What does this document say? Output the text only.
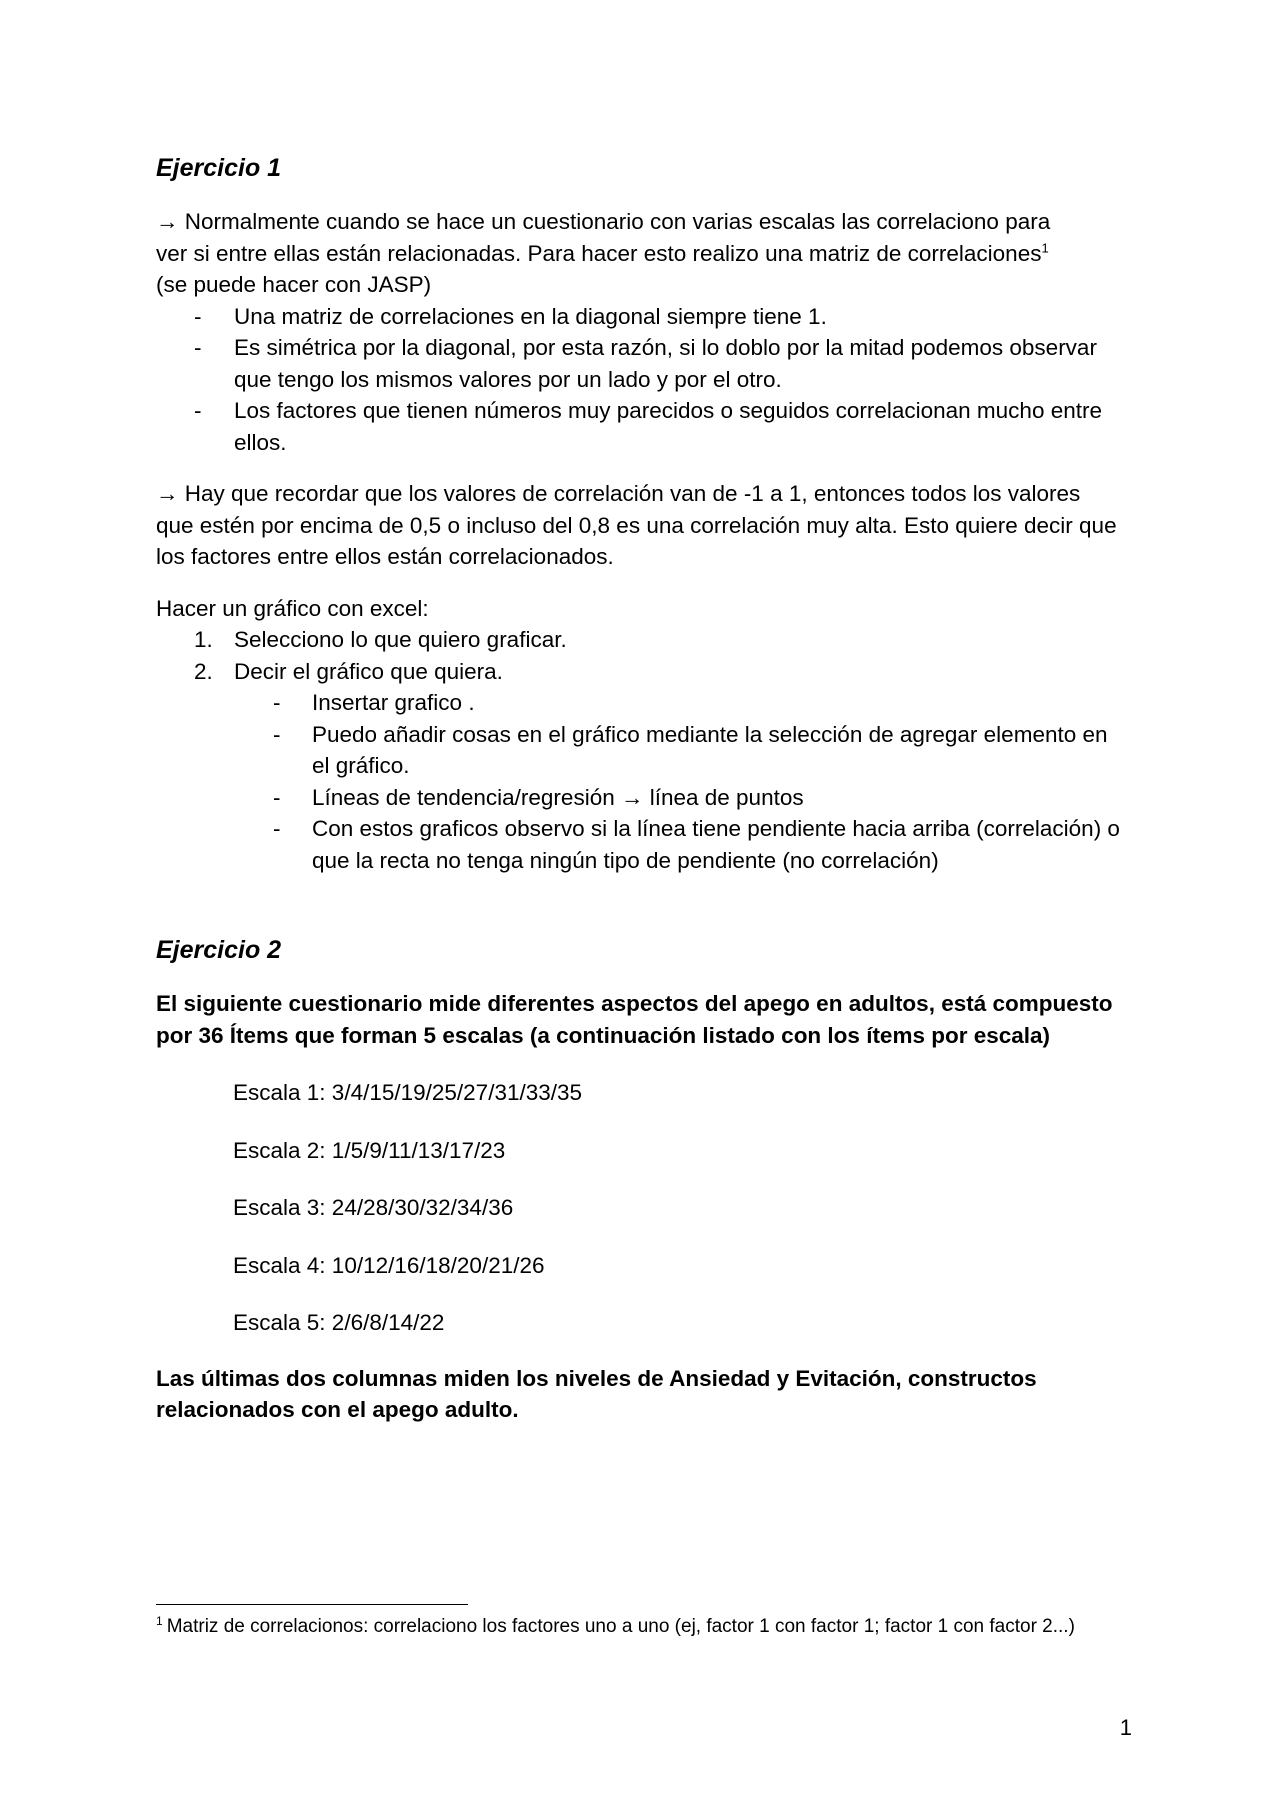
Ejercicio 1

→ Normalmente cuando se hace un cuestionario con varias escalas las correlaciono para
ver si entre ellas están relacionadas. Para hacer esto realizo una matriz de correlaciones$^1$
(se puede hacer con JASP)

- Una matriz de correlaciones en la diagonal siempre tiene 1.
- Es simétrica por la diagonal, por esta razón, si lo doblo por la mitad podemos observar que tengo los mismos valores por un lado y por el otro.
- Los factores que tienen números muy parecidos o seguidos correlacionan mucho entre ellos.

→ Hay que recordar que los valores de correlación van de -1 a 1, entonces todos los valores que estén por encima de 0,5 o incluso del 0,8 es una correlación muy alta. Esto quiere decir que los factores entre ellos están correlacionados.

Hacer un gráfico con excel:

1. Selecciono lo que quiero graficar.
2. Decir el gráfico que quiera.
- Insertar grafico .
- Puedo añadir cosas en el gráfico mediante la selección de agregar elemento en el gráfico.
- Líneas de tendencia/regresión → línea de puntos
- Con estos graficos observo si la línea tiene pendiente hacia arriba (correlación) o que la recta no tenga ningún tipo de pendiente (no correlación)

Ejercicio 2

El siguiente cuestionario mide diferentes aspectos del apego en adultos, está compuesto por 36 Ítems que forman 5 escalas (a continuación listado con los ítems por escala)

Escala 1: 3/4/15/19/25/27/31/33/35

Escala 2: 1/5/9/11/13/17/23

Escala 3: 24/28/30/32/34/36

Escala 4: 10/12/16/18/20/21/26

Escala 5: 2/6/8/14/22

Las últimas dos columnas miden los niveles de Ansiedad y Evitación, constructos relacionados con el apego adulto.

$^1$ Matriz de correlacionos: correlaciono los factores uno a uno (ej, factor 1 con factor 1; factor 1 con factor 2...)
1
